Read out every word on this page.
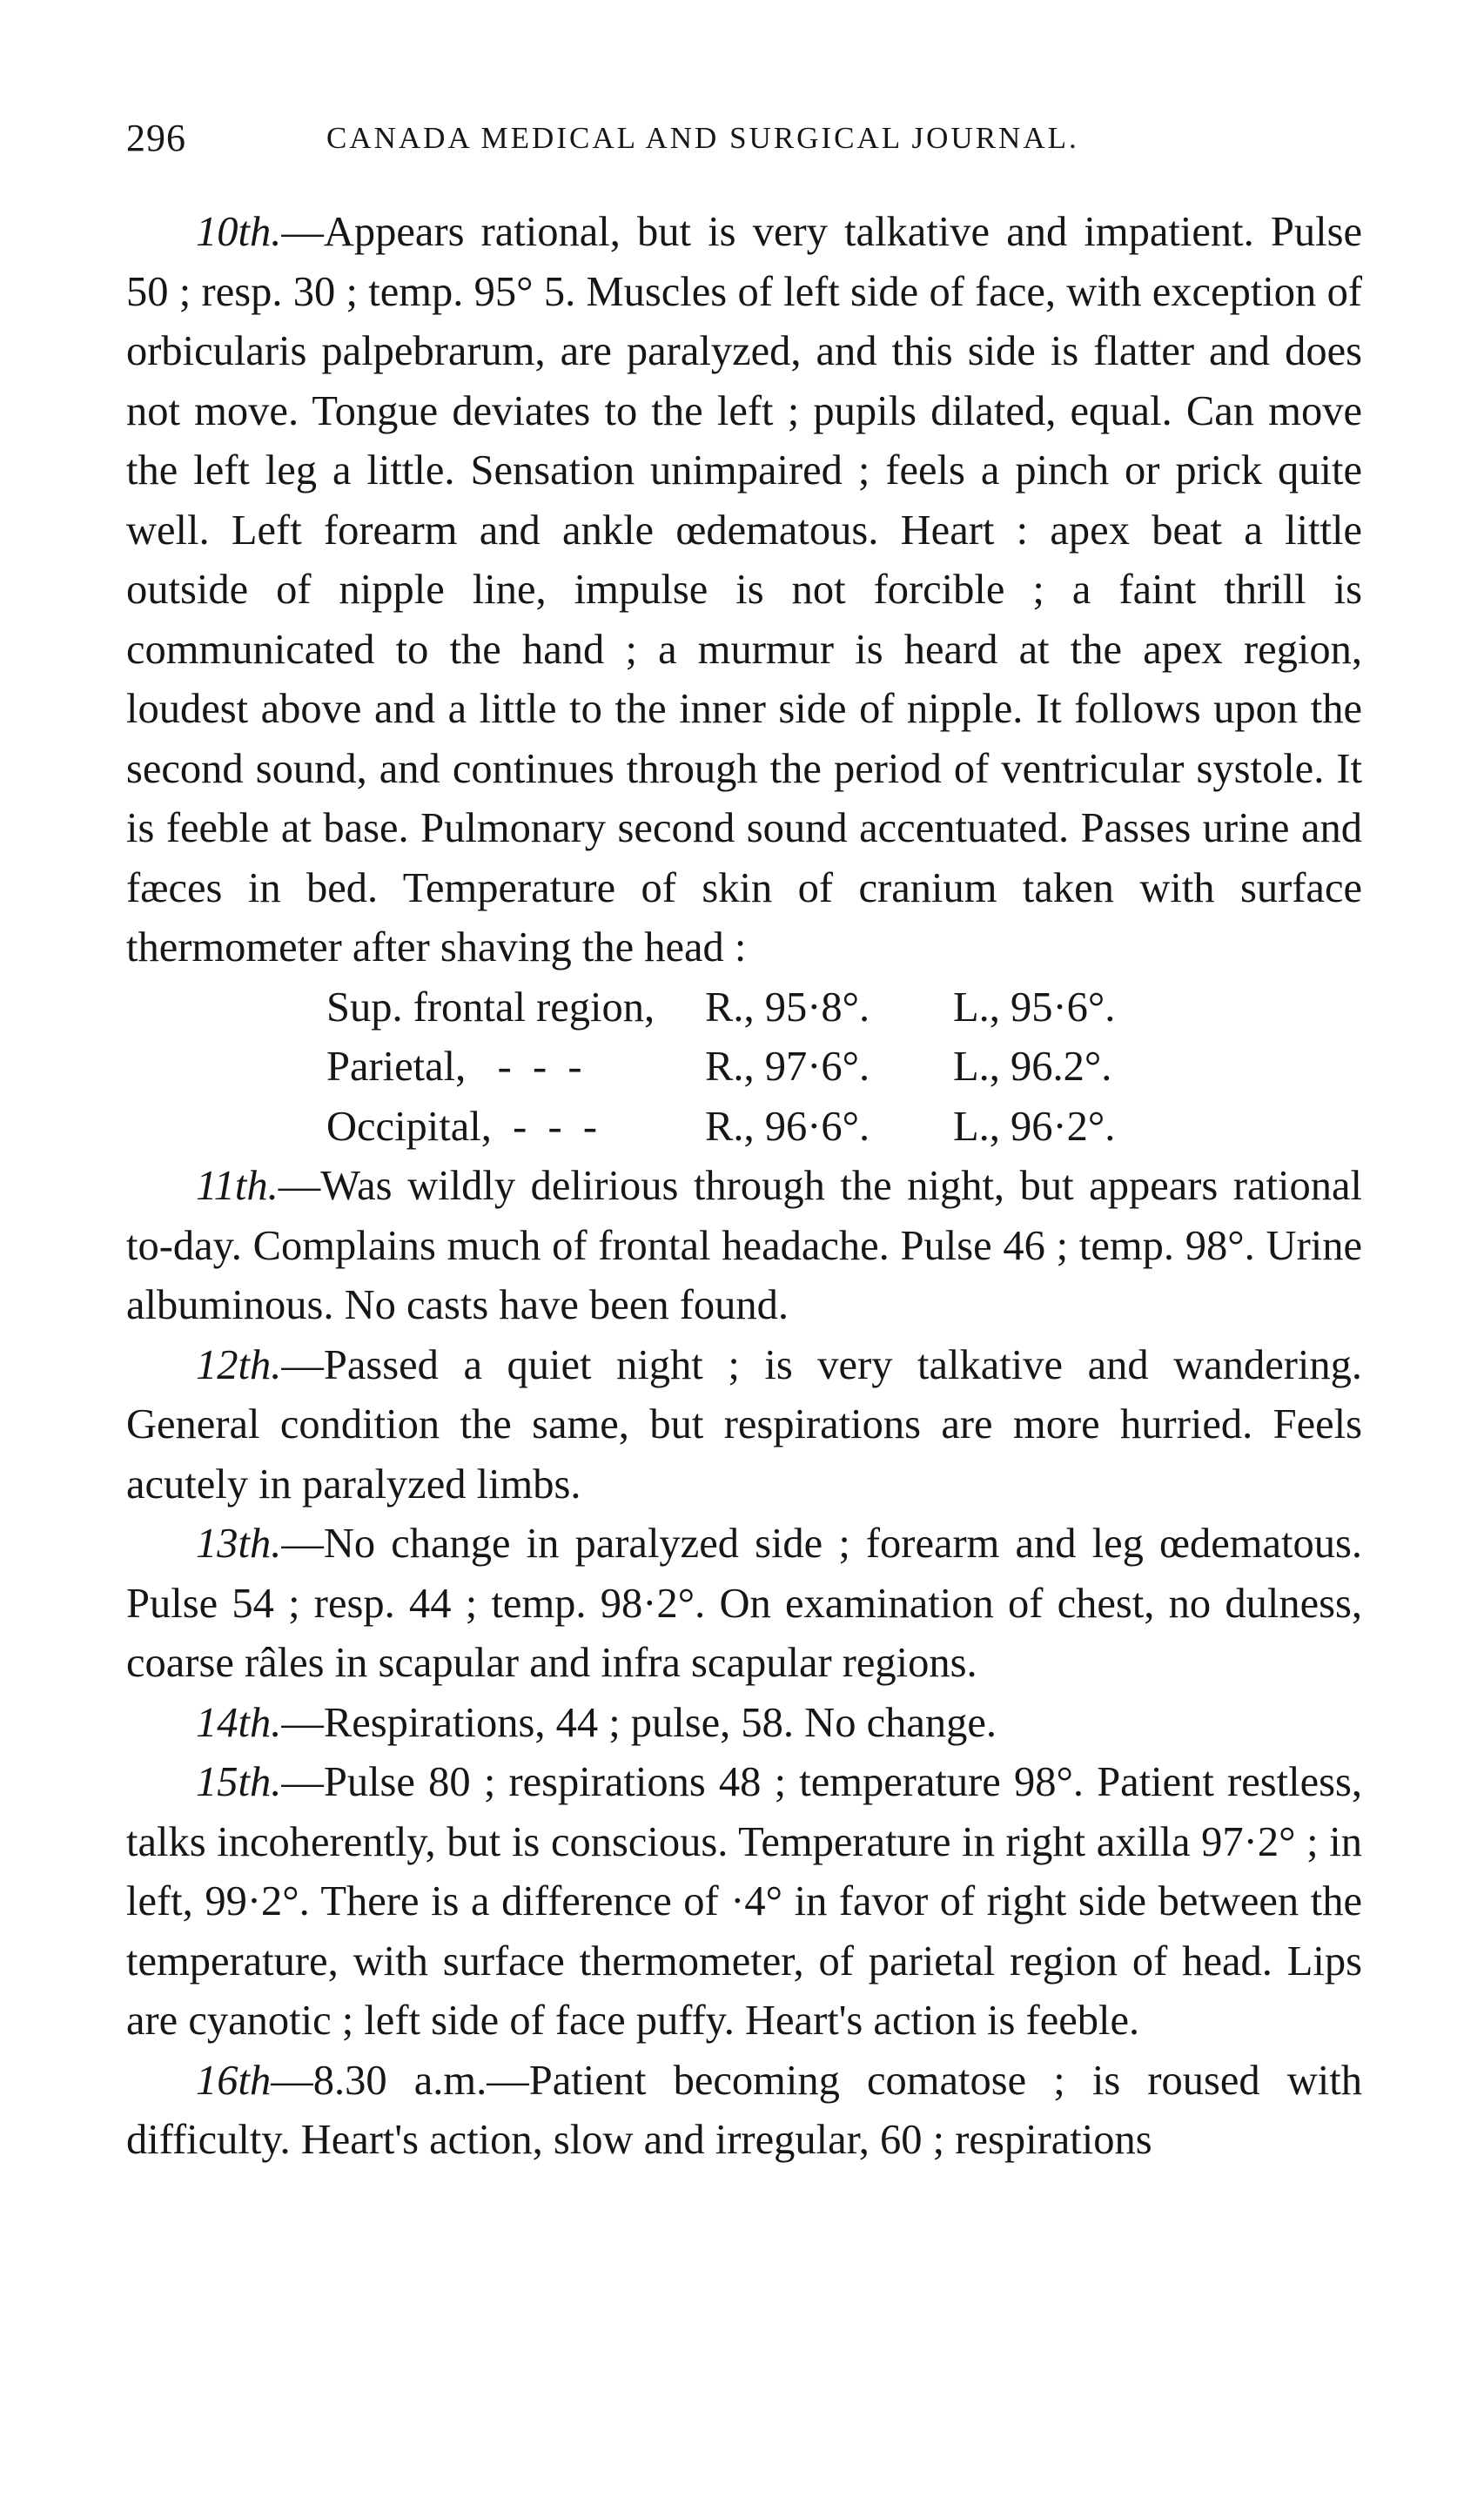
296	CANADA MEDICAL AND SURGICAL JOURNAL.

10th.—Appears rational, but is very talkative and impatient. Pulse 50 ; resp. 30 ; temp. 95° 5. Muscles of left side of face, with exception of orbicularis palpebrarum, are paralyzed, and this side is flatter and does not move. Tongue deviates to the left ; pupils dilated, equal. Can move the left leg a little. Sensation unimpaired ; feels a pinch or prick quite well. Left forearm and ankle œdematous. Heart : apex beat a little outside of nipple line, impulse is not forcible ; a faint thrill is communicated to the hand ; a murmur is heard at the apex region, loudest above and a little to the inner side of nipple. It follows upon the second sound, and continues through the period of ventricular systole. It is feeble at base. Pulmonary second sound accentuated. Passes urine and fæces in bed. Temperature of skin of cranium taken with surface thermometer after shaving the head :

Sup. frontal region,	R., 95·8°.	L., 95·6°.
Parietal,   -  -  -	R., 97·6°.	L., 96.2°.
Occipital,  -  -  -	R., 96·6°.	L., 96·2°.

11th.—Was wildly delirious through the night, but appears rational to-day. Complains much of frontal headache. Pulse 46 ; temp. 98°. Urine albuminous. No casts have been found.

12th.—Passed a quiet night ; is very talkative and wandering. General condition the same, but respirations are more hurried. Feels acutely in paralyzed limbs.

13th.—No change in paralyzed side ; forearm and leg œdematous. Pulse 54 ; resp. 44 ; temp. 98·2°. On examination of chest, no dulness, coarse râles in scapular and infra scapular regions.

14th.—Respirations, 44 ; pulse, 58. No change.

15th.—Pulse 80 ; respirations 48 ; temperature 98°. Patient restless, talks incoherently, but is conscious. Temperature in right axilla 97·2° ; in left, 99·2°. There is a difference of ·4° in favor of right side between the temperature, with surface thermometer, of parietal region of head. Lips are cyanotic ; left side of face puffy. Heart's action is feeble.

16th—8.30 a.m.—Patient becoming comatose ; is roused with difficulty. Heart's action, slow and irregular, 60 ; respirations
